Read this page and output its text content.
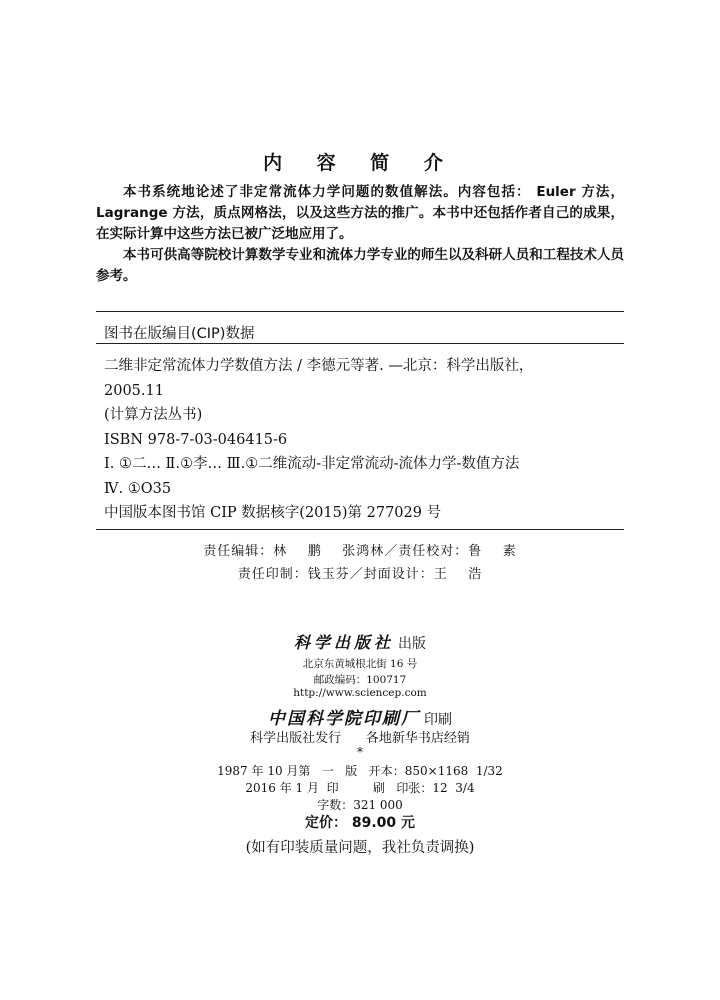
内 容 简 介

本书系统地论述了非定常流体力学问题的数值解法。内容包括： Euler 方法，Lagrange 方法，质点网格法，以及这些方法的推广。本书中还包括作者自己的成果，在实际计算中这些方法已被广泛地应用了。

本书可供高等院校计算数学专业和流体力学专业的师生以及科研人员和工程技术人员参考。

图书在版编目(CIP)数据
二维非定常流体力学数值方法 / 李德元等著. —北京：科学出版社，
2005.11
(计算方法丛书)
ISBN 978-7-03-046415-6
Ⅰ. ①二… Ⅱ.①李… Ⅲ.①二维流动-非定常流动-流体力学-数值方法
Ⅳ. ①O35
中国版本图书馆 CIP 数据核字(2015)第 277029 号
责任编辑：林    鹏    张鸿林／责任校对：鲁    素
责任印制：钱玉芬／封面设计：王    浩
科学出版社 出版
北京东黄城根北街 16 号
邮政编码：100717
http://www.sciencep.com
中国科学院印刷厂 印刷
科学出版社发行      各地新华书店经销
*
1987 年 10 月第   一   版   开本：850×1168  1/32
2016 年 1 月  印         刷   印张：12  3/4
字数：321 000
定价： 89.00 元
(如有印装质量问题，我社负责调换)
